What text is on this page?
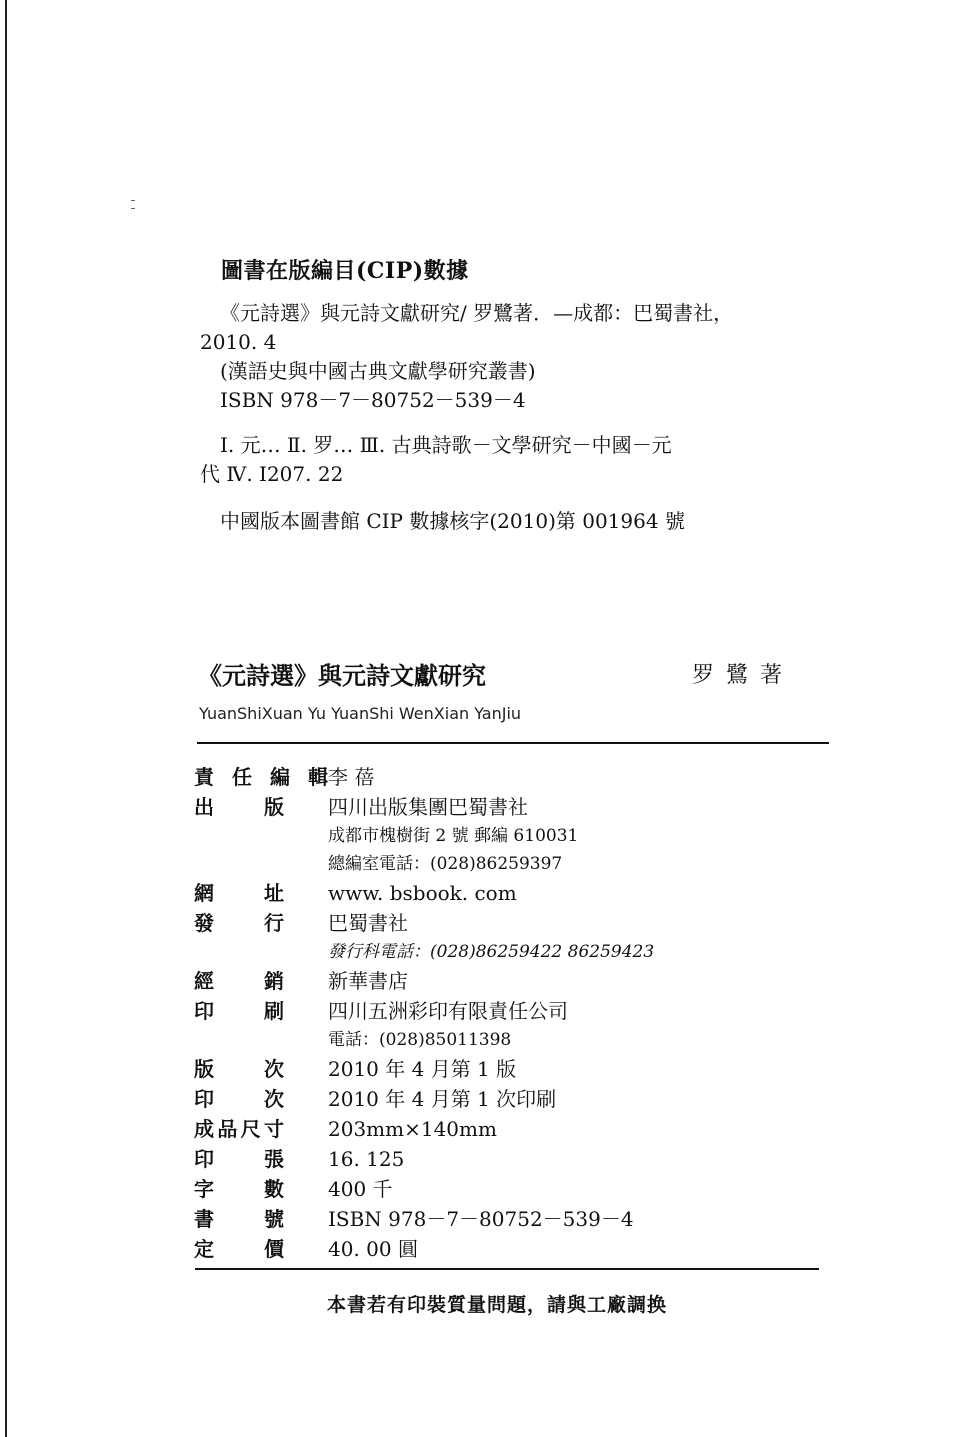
圖書在版編目(CIP)數據
《元詩選》與元詩文獻研究/ 罗鷺著．—成都：巴蜀書社，
2010. 4
(漢語史與中國古典文獻學研究叢書)
ISBN 978－7－80752－539－4
Ⅰ. 元… Ⅱ. 罗… Ⅲ. 古典詩歌－文學研究－中國－元
代 Ⅳ. I207. 22
中國版本圖書館 CIP 數據核字(2010)第 001964 號
《元詩選》與元詩文獻研究	罗鷺著
YuanShiXuan Yu YuanShi WenXian YanJiu
責 任 編 輯 李 蓓
出	版 四川出版集團巴蜀書社
成都市槐樹街 2 號 郵編 610031
總編室電話：(028)86259397
網	址 www. bsbook. com
發	行 巴蜀書社
發行科電話：(028)86259422 86259423
經	銷 新華書店
印	刷 四川五洲彩印有限責任公司
電話：(028)85011398
版	次 2010 年 4 月第 1 版
印	次 2010 年 4 月第 1 次印刷
成 品 尺 寸 203mm×140mm
印	張 16. 125
字	數 400 千
書	號 ISBN 978－7－80752－539－4
定	價 40. 00 圓
本書若有印裝質量問題，請與工廠調换
